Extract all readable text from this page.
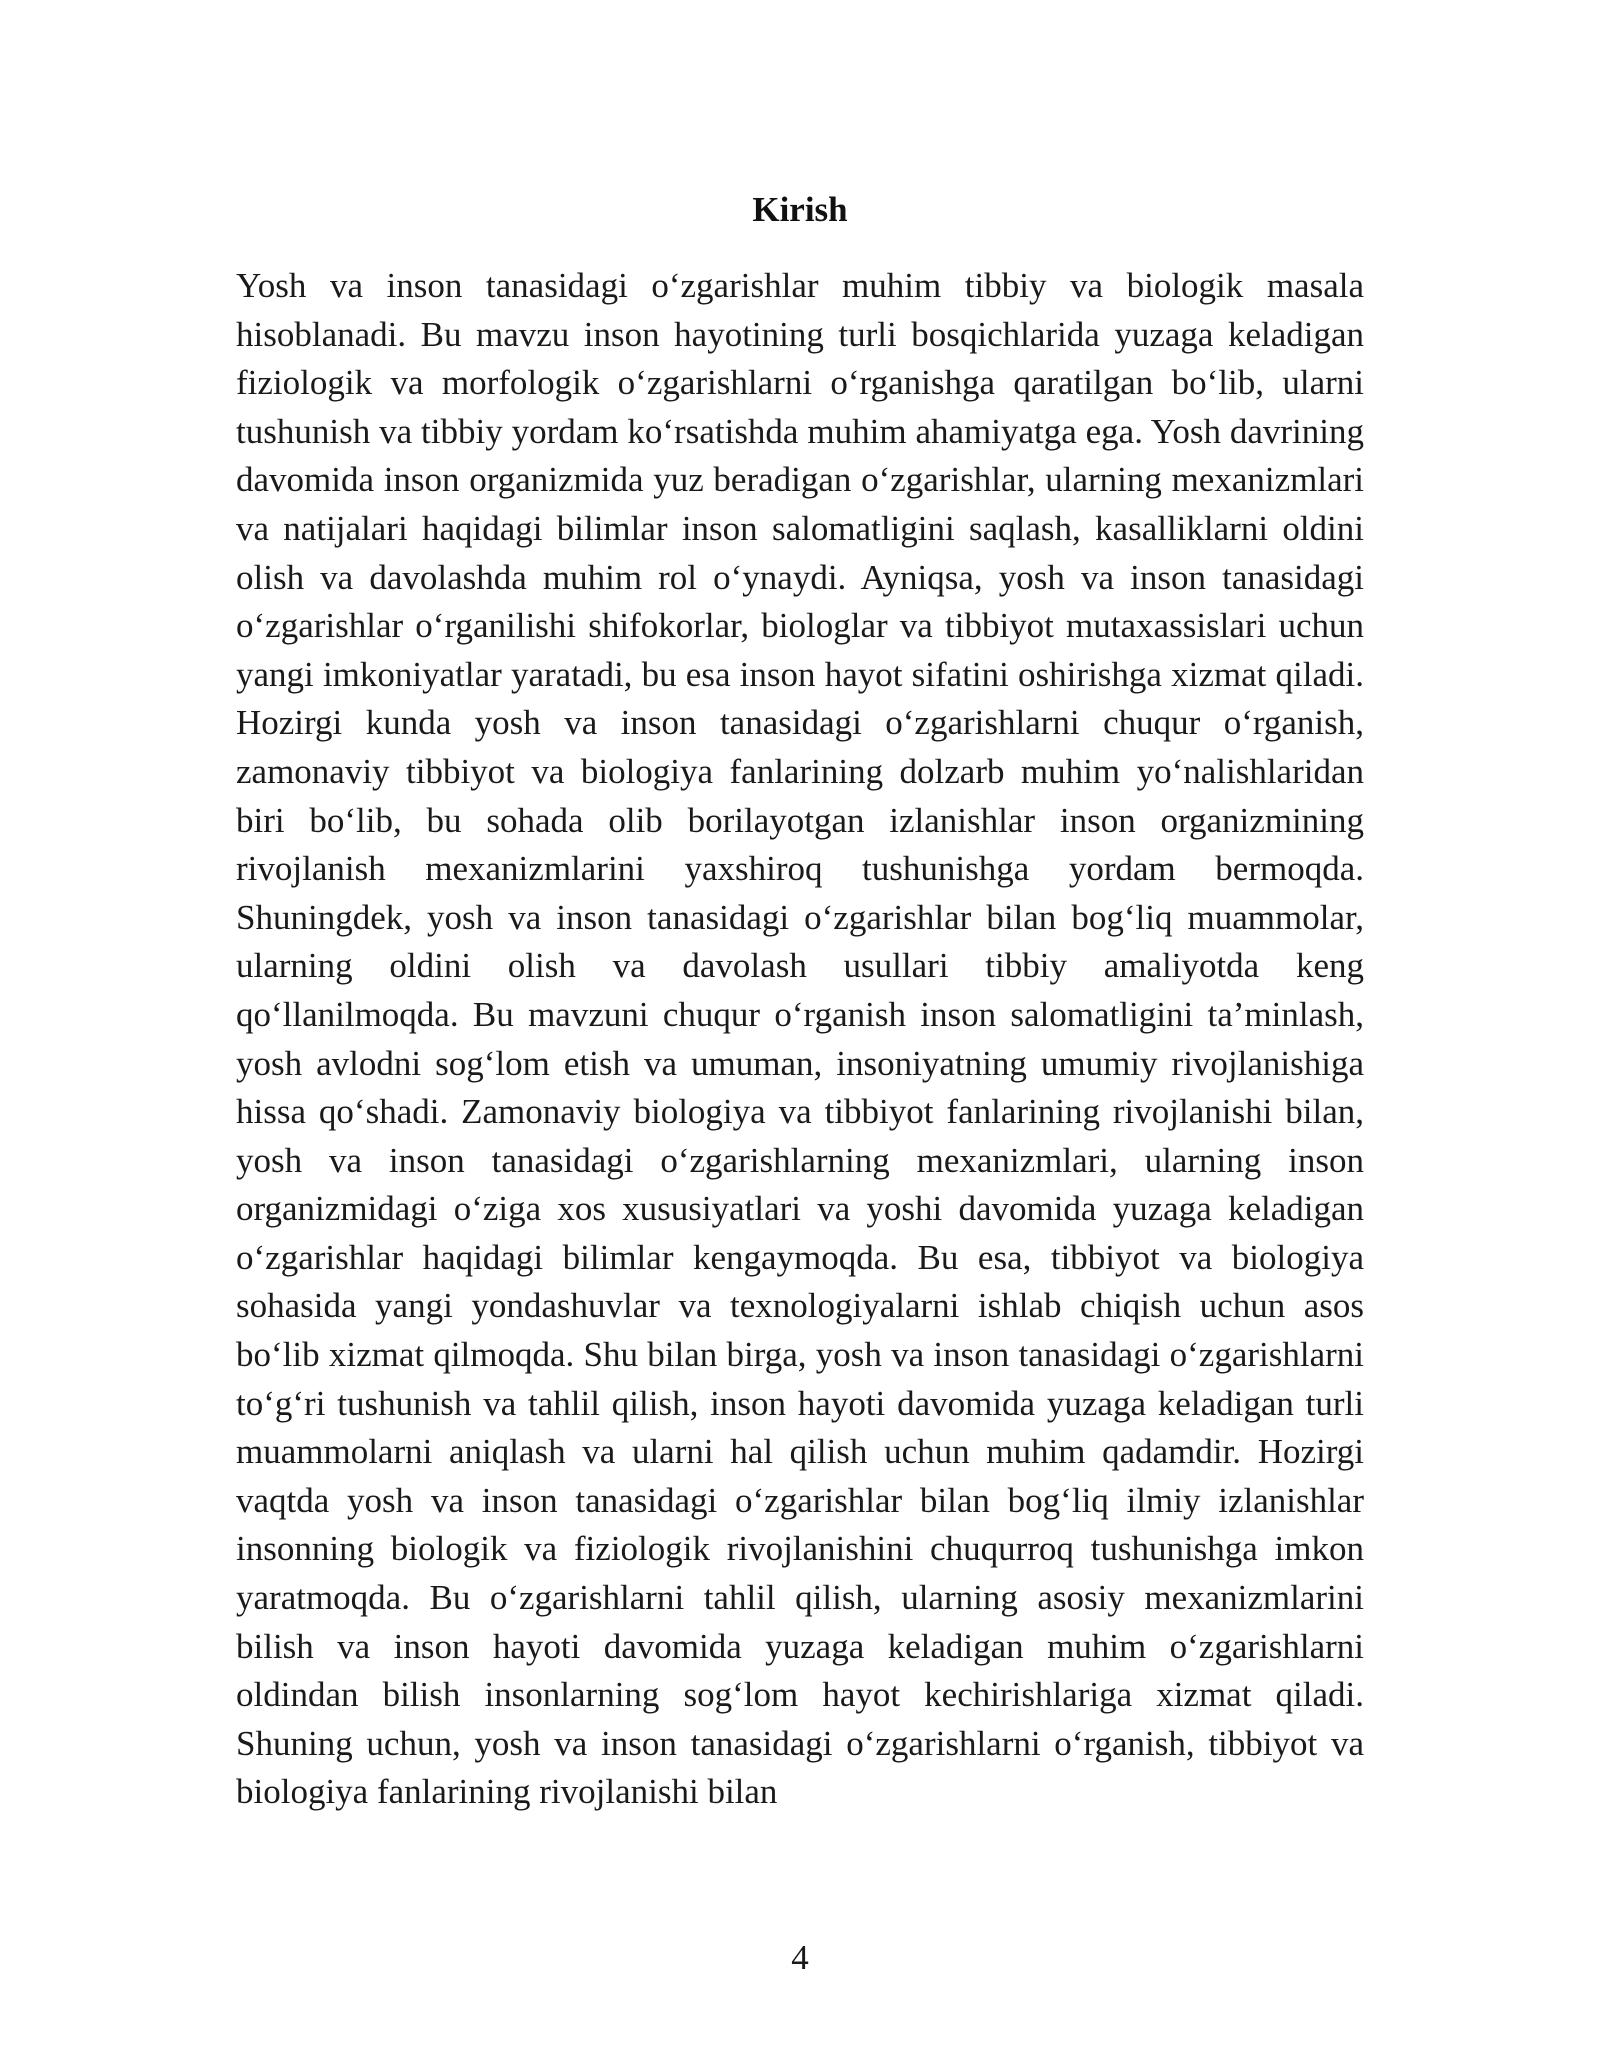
Kirish

Yosh va inson tanasidagi o‘zgarishlar muhim tibbiy va biologik masala hisoblanadi. Bu mavzu inson hayotining turli bosqichlarida yuzaga keladigan fiziologik va morfologik o‘zgarishlarni o‘rganishga qaratilgan bo‘lib, ularni tushunish va tibbiy yordam ko‘rsatishda muhim ahamiyatga ega. Yosh davrining davomida inson organizmida yuz beradigan o‘zgarishlar, ularning mexanizmlari va natijalari haqidagi bilimlar inson salomatligini saqlash, kasalliklarni oldini olish va davolashda muhim rol o‘ynaydi. Ayniqsa, yosh va inson tanasidagi o‘zgarishlar o‘rganilishi shifokorlar, biologlar va tibbiyot mutaxassislari uchun yangi imkoniyatlar yaratadi, bu esa inson hayot sifatini oshirishga xizmat qiladi. Hozirgi kunda yosh va inson tanasidagi o‘zgarishlarni chuqur o‘rganish, zamonaviy tibbiyot va biologiya fanlarining dolzarb muhim yo‘nalishlaridan biri bo‘lib, bu sohada olib borilayotgan izlanishlar inson organizmining rivojlanish mexanizmlarini yaxshiroq tushunishga yordam bermoqda. Shuningdek, yosh va inson tanasidagi o‘zgarishlar bilan bog‘liq muammolar, ularning oldini olish va davolash usullari tibbiy amaliyotda keng qo‘llanilmoqda. Bu mavzuni chuqur o‘rganish inson salomatligini ta’minlash, yosh avlodni sog‘lom etish va umuman, insoniyatning umumiy rivojlanishiga hissa qo‘shadi. Zamonaviy biologiya va tibbiyot fanlarining rivojlanishi bilan, yosh va inson tanasidagi o‘zgarishlarning mexanizmlari, ularning inson organizmidagi o‘ziga xos xususiyatlari va yoshi davomida yuzaga keladigan o‘zgarishlar haqidagi bilimlar kengaymoqda. Bu esa, tibbiyot va biologiya sohasida yangi yondashuvlar va texnologiyalarni ishlab chiqish uchun asos bo‘lib xizmat qilmoqda. Shu bilan birga, yosh va inson tanasidagi o‘zgarishlarni to‘g‘ri tushunish va tahlil qilish, inson hayoti davomida yuzaga keladigan turli muammolarni aniqlash va ularni hal qilish uchun muhim qadamdir. Hozirgi vaqtda yosh va inson tanasidagi o‘zgarishlar bilan bog‘liq ilmiy izlanishlar insonning biologik va fiziologik rivojlanishini chuqurroq tushunishga imkon yaratmoqda. Bu o‘zgarishlarni tahlil qilish, ularning asosiy mexanizmlarini bilish va inson hayoti davomida yuzaga keladigan muhim o‘zgarishlarni oldindan bilish insonlarning sog‘lom hayot kechirishlariga xizmat qiladi. Shuning uchun, yosh va inson tanasidagi o‘zgarishlarni o‘rganish, tibbiyot va biologiya fanlarining rivojlanishi bilan

4
